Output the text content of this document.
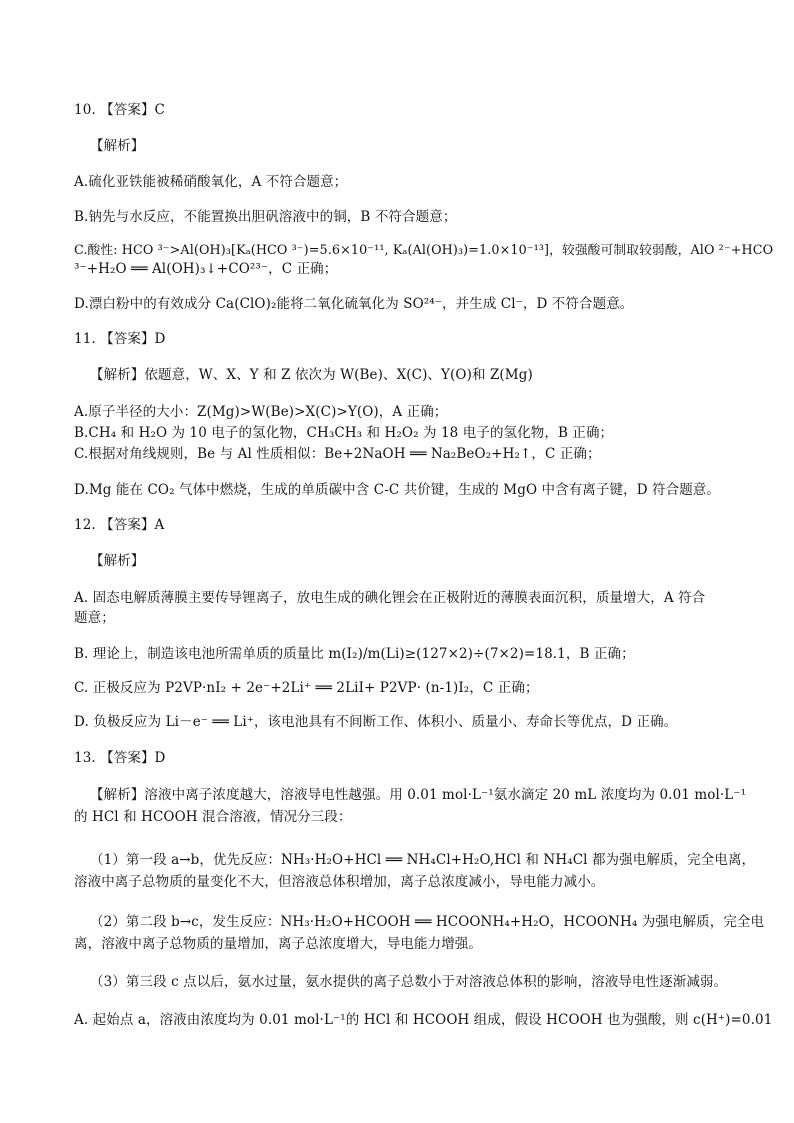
10. 【答案】C
【解析】
A.硫化亚铁能被稀硝酸氧化，A 不符合题意；
B.钠先与水反应，不能置换出胆矾溶液中的铜，B 不符合题意；
C.酸性: HCO ³⁻>Al(OH)₃[Kₐ(HCO ³⁻)=5.6×10⁻¹¹, Kₐ(Al(OH)₃)=1.0×10⁻¹³]，较强酸可制取较弱酸，AlO ²⁻+HCO
³⁻+H₂O ══ Al(OH)₃↓+CO²³⁻，C 正确；
D.漂白粉中的有效成分 Ca(ClO)₂能将二氧化硫氧化为 SO²⁴⁻，并生成 Cl⁻，D 不符合题意。
11. 【答案】D
【解析】依题意，W、X、Y 和 Z 依次为 W(Be)、X(C)、Y(O)和 Z(Mg)
A.原子半径的大小：Z(Mg)>W(Be)>X(C)>Y(O)，A 正确；
B.CH₄ 和 H₂O 为 10 电子的氢化物，CH₃CH₃ 和 H₂O₂ 为 18 电子的氢化物，B 正确；
C.根据对角线规则，Be 与 Al 性质相似：Be+2NaOH ══ Na₂BeO₂+H₂↑，C 正确；
D.Mg 能在 CO₂ 气体中燃烧，生成的单质碳中含 C-C 共价键，生成的 MgO 中含有离子键，D 符合题意。
12. 【答案】A
【解析】
A. 固态电解质薄膜主要传导锂离子，放电生成的碘化锂会在正极附近的薄膜表面沉积，质量增大，A 符合
题意；
B. 理论上，制造该电池所需单质的质量比 m(I₂)/m(Li)≥(127×2)÷(7×2)=18.1，B 正确；
C. 正极反应为 P2VP·nI₂ + 2e⁻+2Li⁺ ══ 2LiI+ P2VP· (n-1)I₂，C 正确；
D. 负极反应为 Li－e⁻ ══ Li⁺，该电池具有不间断工作、体积小、质量小、寿命长等优点，D 正确。
13. 【答案】D
【解析】溶液中离子浓度越大，溶液导电性越强。用 0.01 mol·L⁻¹氨水滴定 20 mL 浓度均为 0.01 mol·L⁻¹
的 HCl 和 HCOOH 混合溶液，情况分三段：
（1）第一段 a→b，优先反应：NH₃·H₂O+HCl ══ NH₄Cl+H₂O,HCl 和 NH₄Cl 都为强电解质，完全电离，
溶液中离子总物质的量变化不大，但溶液总体积增加，离子总浓度减小，导电能力减小。
（2）第二段 b→c，发生反应：NH₃·H₂O+HCOOH ══ HCOONH₄+H₂O，HCOONH₄ 为强电解质，完全电
离，溶液中离子总物质的量增加，离子总浓度增大，导电能力增强。
（3）第三段 c 点以后，氨水过量，氨水提供的离子总数小于对溶液总体积的影响，溶液导电性逐渐减弱。
A. 起始点 a，溶液由浓度均为 0.01 mol·L⁻¹的 HCl 和 HCOOH 组成，假设 HCOOH 也为强酸，则 c(H⁺)=0.01
